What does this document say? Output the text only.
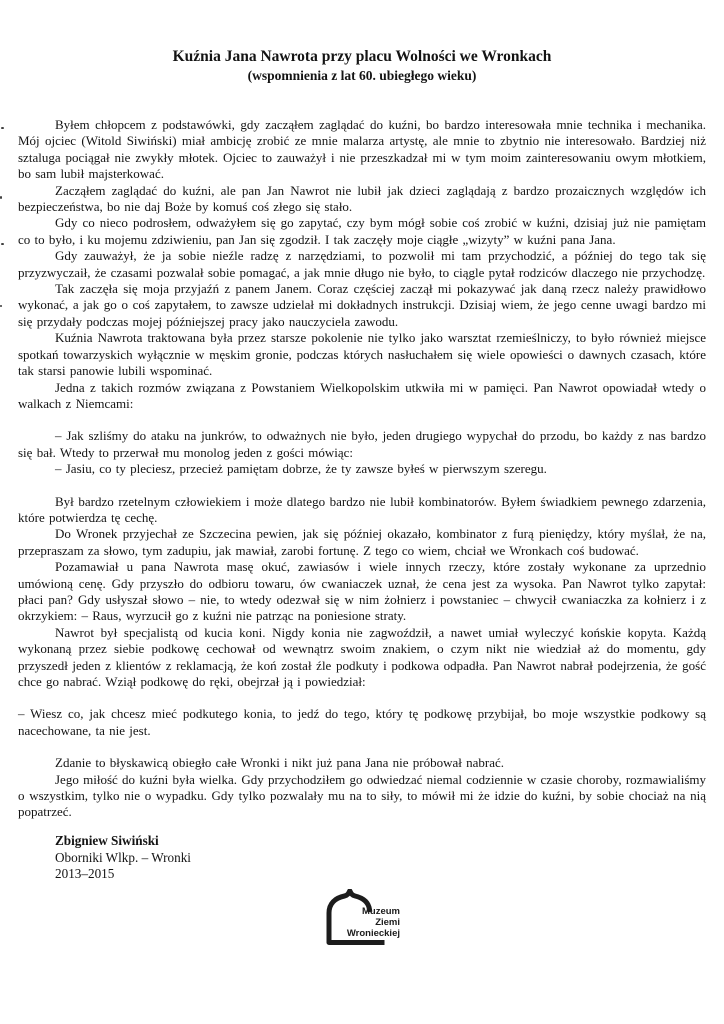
Kuźnia Jana Nawrota przy placu Wolności we Wronkach
(wspomnienia z lat 60. ubiegłego wieku)

Byłem chłopcem z podstawówki, gdy zacząłem zaglądać do kuźni, bo bardzo interesowała mnie technika i mechanika. Mój ojciec (Witold Siwiński) miał ambicję zrobić ze mnie malarza artystę, ale mnie to zbytnio nie interesowało. Bardziej niż sztaluga pociągał nie zwykły młotek. Ojciec to zauważył i nie przeszkadzał mi w tym moim zainteresowaniu owym młotkiem, bo sam lubił majsterkować.

Zacząłem zaglądać do kuźni, ale pan Jan Nawrot nie lubił jak dzieci zaglądają z bardzo prozaicznych względów ich bezpieczeństwa, bo nie daj Boże by komuś coś złego się stało.

Gdy co nieco podrosłem, odważyłem się go zapytać, czy bym mógł sobie coś zrobić w kuźni, dzisiaj już nie pamiętam co to było, i ku mojemu zdziwieniu, pan Jan się zgodził. I tak zaczęły moje ciągłe „wizyty” w kuźni pana Jana.

Gdy zauważył, że ja sobie nieźle radzę z narzędziami, to pozwolił mi tam przychodzić, a później do tego tak się przyzwyczaił, że czasami pozwalał sobie pomagać, a jak mnie długo nie było, to ciągle pytał rodziców dlaczego nie przychodzę.

Tak zaczęła się moja przyjaźń z panem Janem. Coraz częściej zaczął mi pokazywać jak daną rzecz należy prawidłowo wykonać, a jak go o coś zapytałem, to zawsze udzielał mi dokładnych instrukcji. Dzisiaj wiem, że jego cenne uwagi bardzo mi się przydały podczas mojej późniejszej pracy jako nauczyciela zawodu.

Kuźnia Nawrota traktowana była przez starsze pokolenie nie tylko jako warsztat rzemieślniczy, to było również miejsce spotkań towarzyskich wyłącznie w męskim gronie, podczas których nasłuchałem się wiele opowieści o dawnych czasach, które tak starsi panowie lubili wspominać.

Jedna z takich rozmów związana z Powstaniem Wielkopolskim utkwiła mi w pamięci. Pan Nawrot opowiadał wtedy o walkach z Niemcami:

– Jak szliśmy do ataku na junkrów, to odważnych nie było, jeden drugiego wypychał do przodu, bo każdy z nas bardzo się bał. Wtedy to przerwał mu monolog jeden z gości mówiąc:

– Jasiu, co ty pleciesz, przecież pamiętam dobrze, że ty zawsze byłeś w pierwszym szeregu.

Był bardzo rzetelnym człowiekiem i może dlatego bardzo nie lubił kombinatorów. Byłem świadkiem pewnego zdarzenia, które potwierdza tę cechę.

Do Wronek przyjechał ze Szczecina pewien, jak się później okazało, kombinator z furą pieniędzy, który myślał, że na, przepraszam za słowo, tym zadupiu, jak mawiał, zarobi fortunę. Z tego co wiem, chciał we Wronkach coś budować.

Pozamawiał u pana Nawrota masę okuć, zawiasów i wiele innych rzeczy, które zostały wykonane za uprzednio umówioną cenę. Gdy przyszło do odbioru towaru, ów cwaniaczek uznał, że cena jest za wysoka. Pan Nawrot tylko zapytał: płaci pan? Gdy usłyszał słowo – nie, to wtedy odezwał się w nim żołnierz i powstaniec – chwycił cwaniaczka za kołnierz i z okrzykiem: – Raus, wyrzucił go z kuźni nie patrząc na poniesione straty.

Nawrot był specjalistą od kucia koni. Nigdy konia nie zagwoździł, a nawet umiał wyleczyć końskie kopyta. Każdą wykonaną przez siebie podkowę cechował od wewnątrz swoim znakiem, o czym nikt nie wiedział aż do momentu, gdy przyszedł jeden z klientów z reklamacją, że koń został źle podkuty i podkowa odpadła. Pan Nawrot nabrał podejrzenia, że gość chce go nabrać. Wziął podkowę do ręki, obejrzał ją i powiedział:

– Wiesz co, jak chcesz mieć podkutego konia, to jedź do tego, który tę podkowę przybijał, bo moje wszystkie podkowy są nacechowane, ta nie jest.

Zdanie to błyskawicą obiegło całe Wronki i nikt już pana Jana nie próbował nabrać.

Jego miłość do kuźni była wielka. Gdy przychodziłem go odwiedzać niemal codziennie w czasie choroby, rozmawialiśmy o wszystkim, tylko nie o wypadku. Gdy tylko pozwalały mu na to siły, to mówił mi że idzie do kuźni, by sobie chociaż na nią popatrzeć.

Zbigniew Siwiński
Oborniki Wlkp. – Wronki
2013–2015
Muzeum
Ziemi
Wronieckiej
